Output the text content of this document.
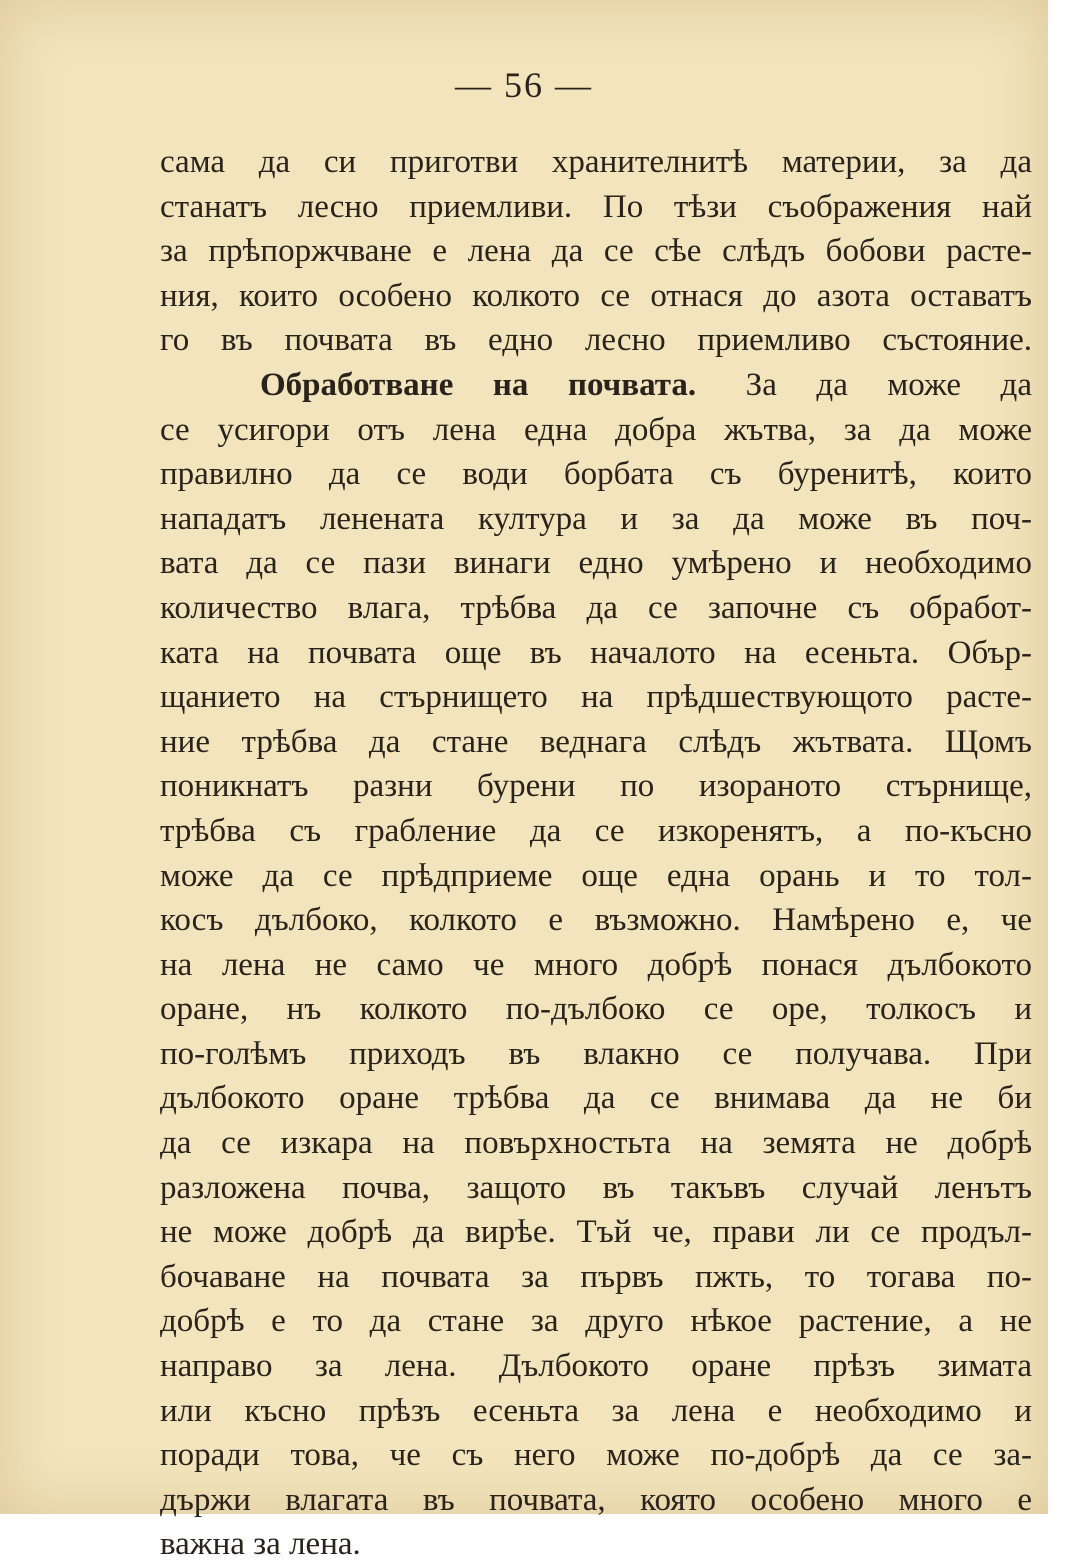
— 56 —
сама да си приготви хранителнитѣ материи, за да
станатъ лесно приемливи. По тѣзи съображения най
за прѣпоржчване е лена да се сѣе слѣдъ бобови расте-
ния, които особено колкото се отнася до азота оставатъ
го въ почвата въ едно лесно приемливо състояние.
Обработване на почвата. За да може да
се усигори отъ лена една добра жътва, за да може
правилно да се води борбата съ буренитѣ, които
нападатъ ленената култура и за да може въ поч-
вата да се пази винаги едно умѣрено и необходимо
количество влага, трѣбва да се започне съ обработ-
ката на почвата още въ началото на есеньта. Обър-
щанието на стърнището на прѣдшествующото расте-
ние трѣбва да стане веднага слѣдъ жътвата. Щомъ
поникнатъ разни бурени по изораното стърнище,
трѣбва съ грабление да се изкоренятъ, а по-късно
може да се прѣдприеме още една орань и то тол-
косъ дълбоко, колкото е възможно. Намѣрено е, че
на лена не само че много добрѣ понася дълбокото
оране, нъ колкото по-дълбоко се оре, толкосъ и
по-голѣмъ приходъ въ влакно се получава. При
дълбокото оране трѣбва да се внимава да не би
да се изкара на повърхностьта на земята не добрѣ
разложена почва, защото въ такъвъ случай ленътъ
не може добрѣ да вирѣе. Тъй че, прави ли се продъл-
бочаване на почвата за първъ пжть, то тогава по-
добрѣ е то да стане за друго нѣкое растение, а не
направо за лена. Дълбокото оране прѣзъ зимата
или късно прѣзъ есеньта за лена е необходимо и
поради това, че съ него може по-добрѣ да се за-
държи влагата въ почвата, която особено много е
важна за лена.
